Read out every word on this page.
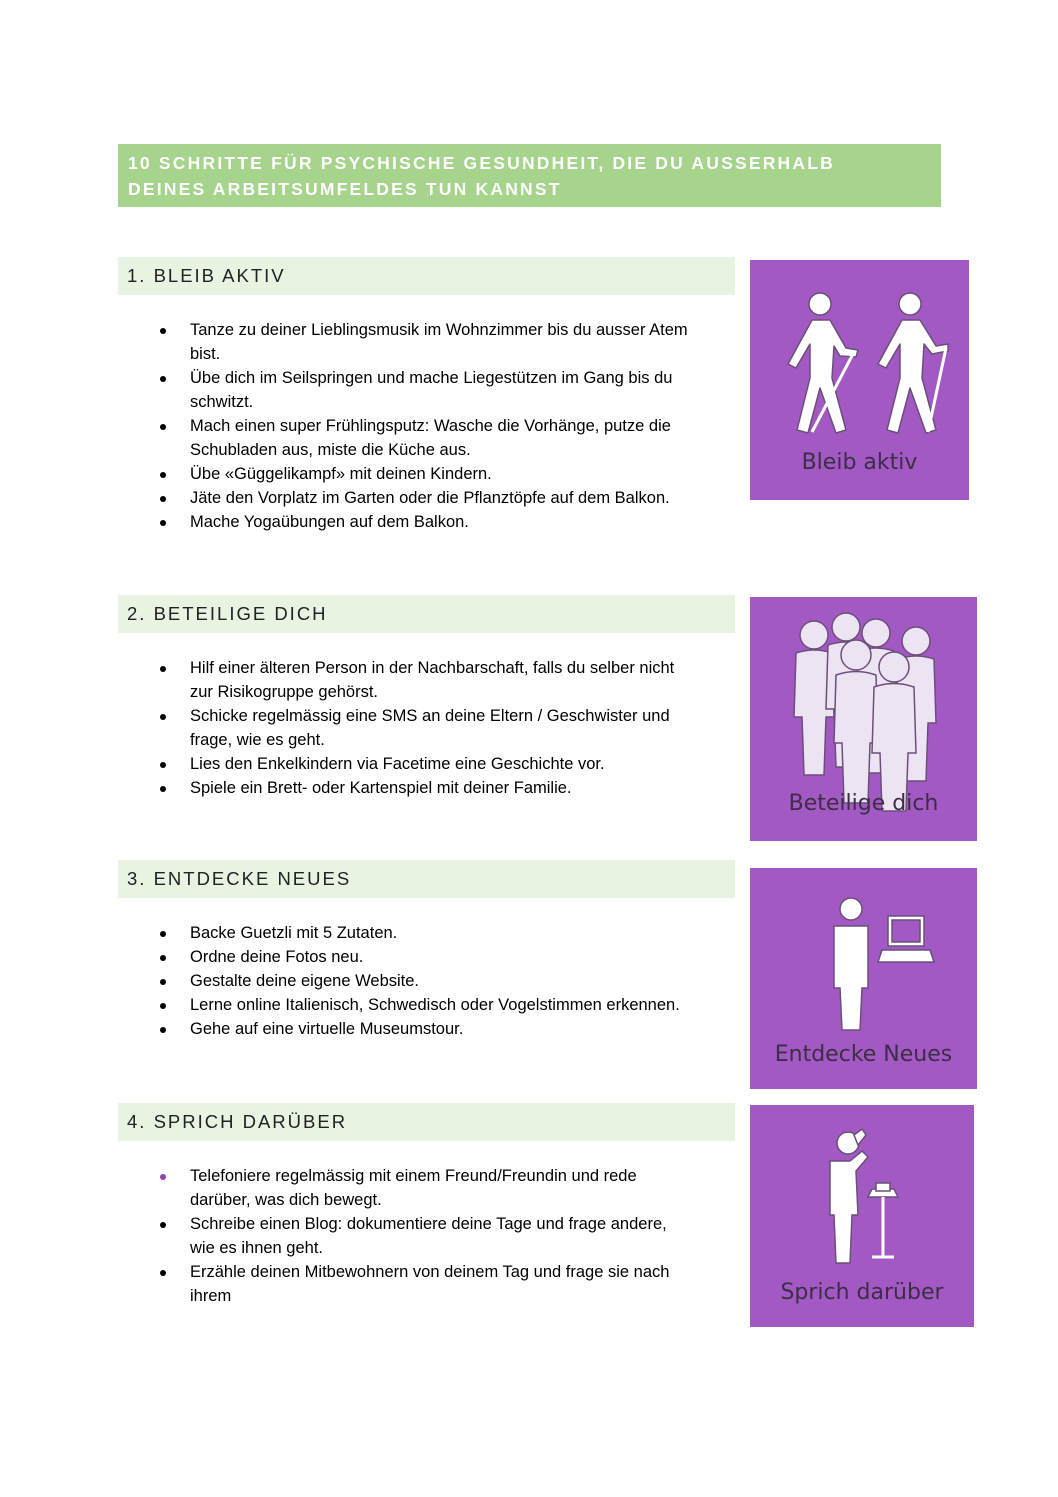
10 SCHRITTE FÜR PSYCHISCHE GESUNDHEIT, DIE DU AUSSERHALB
DEINES ARBEITSUMFELDES TUN KANNST
1. BLEIB AKTIV
Tanze zu deiner Lieblingsmusik im Wohnzimmer bis du ausser Atem
bist.
Übe dich im Seilspringen und mache Liegestützen im Gang bis du
schwitzt.
Mach einen super Frühlingsputz: Wasche die Vorhänge, putze die
Schubladen aus, miste die Küche aus.
Übe «Güggelikampf» mit deinen Kindern.
Jäte den Vorplatz im Garten oder die Pflanztöpfe auf dem Balkon.
Mache Yogaübungen auf dem Balkon.
Bleib aktiv
2. BETEILIGE DICH
Hilf einer älteren Person in der Nachbarschaft, falls du selber nicht
zur Risikogruppe gehörst.
Schicke regelmässig eine SMS an deine Eltern / Geschwister und
frage, wie es geht.
Lies den Enkelkindern via Facetime eine Geschichte vor.
Spiele ein Brett- oder Kartenspiel mit deiner Familie.
Beteilige dich
3. ENTDECKE NEUES
Backe Guetzli mit 5 Zutaten.
Ordne deine Fotos neu.
Gestalte deine eigene Website.
Lerne online Italienisch, Schwedisch oder Vogelstimmen erkennen.
Gehe auf eine virtuelle Museumstour.
Entdecke Neues
4. SPRICH DARÜBER
Telefoniere regelmässig mit einem Freund/Freundin und rede
darüber, was dich bewegt.
Schreibe einen Blog: dokumentiere deine Tage und frage andere,
wie es ihnen geht.
Erzähle deinen Mitbewohnern von deinem Tag und frage sie nach
ihrem	Sprich darüber
